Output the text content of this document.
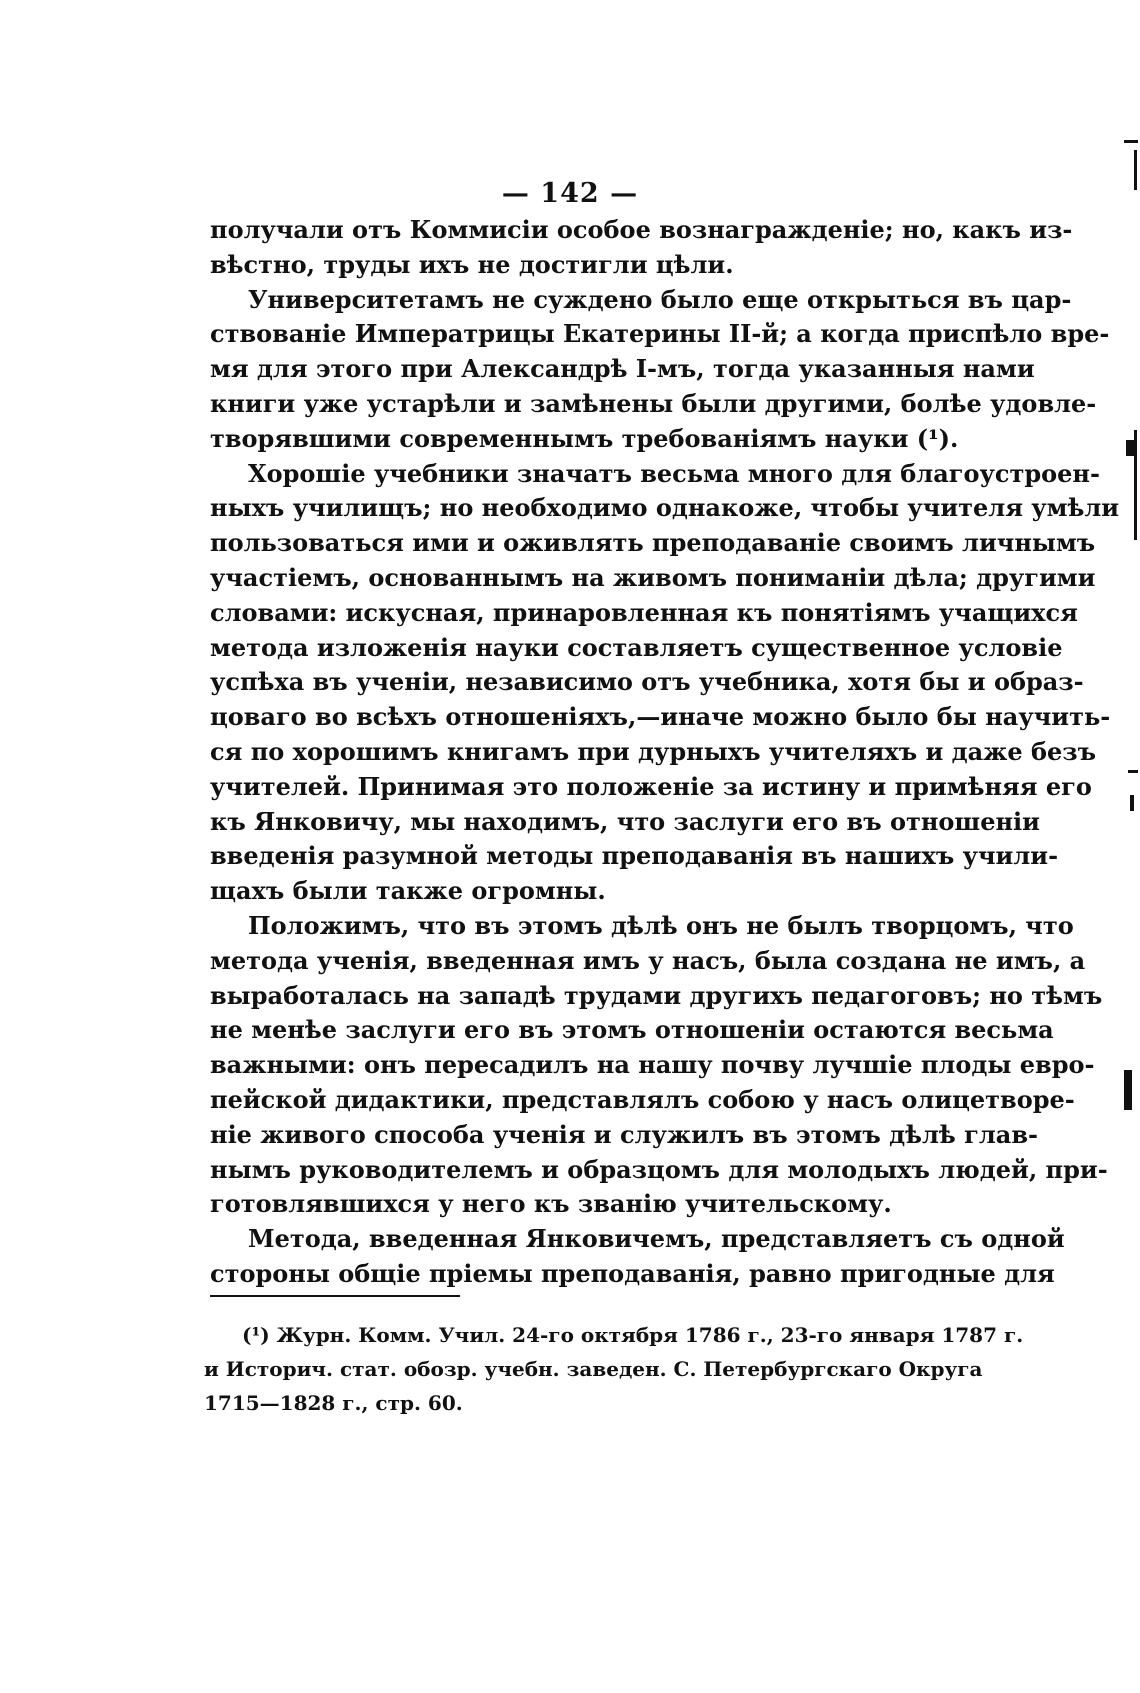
— 142 —
получали отъ Коммисіи особое вознагражденіе; но, какъ из-
вѣстно, труды ихъ не достигли цѣли.
Университетамъ не суждено было еще открыться въ цар-
ствованіе Императрицы Екатерины II-й; а когда приспѣло вре-
мя для этого при Александрѣ I-мъ, тогда указанныя нами
книги уже устарѣли и замѣнены были другими, болѣе удовле-
творявшими современнымъ требованіямъ науки (¹).
Хорошіе учебники значатъ весьма много для благоустроен-
ныхъ училищъ; но необходимо однакоже, чтобы учителя умѣли
пользоваться ими и оживлять преподаваніе своимъ личнымъ
участіемъ, основаннымъ на живомъ пониманіи дѣла; другими
словами: искусная, принаровленная къ понятіямъ учащихся
метода изложенія науки составляетъ существенное условіе
успѣха въ ученіи, независимо отъ учебника, хотя бы и образ-
цоваго во всѣхъ отношеніяхъ,—иначе можно было бы научить-
ся по хорошимъ книгамъ при дурныхъ учителяхъ и даже безъ
учителей. Принимая это положеніе за истину и примѣняя его
къ Янковичу, мы находимъ, что заслуги его въ отношеніи
введенія разумной методы преподаванія въ нашихъ учили-
щахъ были также огромны.
Положимъ, что въ этомъ дѣлѣ онъ не былъ творцомъ, что
метода ученія, введенная имъ у насъ, была создана не имъ, а
выработалась на западѣ трудами другихъ педагоговъ; но тѣмъ
не менѣе заслуги его въ этомъ отношеніи остаются весьма
важными: онъ пересадилъ на нашу почву лучшіе плоды евро-
пейской дидактики, представлялъ собою у насъ олицетворе-
ніе живого способа ученія и служилъ въ этомъ дѣлѣ глав-
нымъ руководителемъ и образцомъ для молодыхъ людей, при-
готовлявшихся у него къ званію учительскому.
Метода, введенная Янковичемъ, представляетъ съ одной
стороны общіе пріемы преподаванія, равно пригодные для
(¹) Журн. Комм. Учил. 24-го октября 1786 г., 23-го января 1787 г.
и Историч. стат. обозр. учебн. заведен. С. Петербургскаго Округа
1715—1828 г., стр. 60.
